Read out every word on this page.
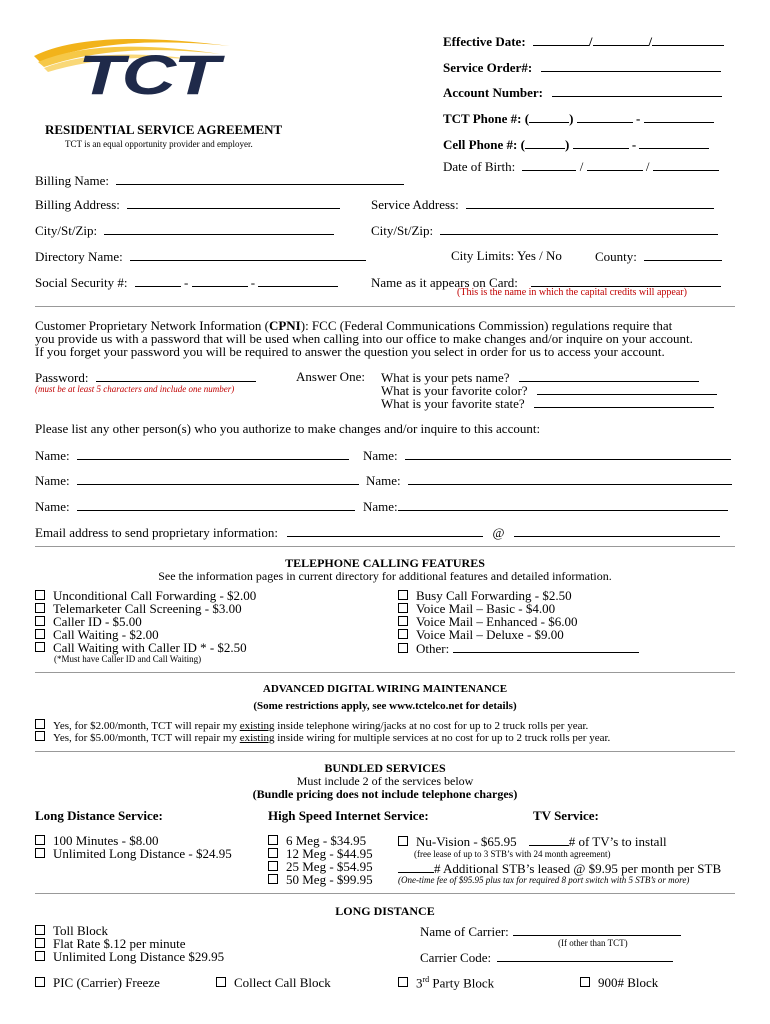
TCT
Effective Date:	/	/
Service Order#:
Account Number:
TCT Phone #: (	)	-
Cell Phone #: (	)	-
Date of Birth:	/	/
RESIDENTIAL SERVICE AGREEMENT
TCT is an equal opportunity provider and employer.
Billing Name:
Billing Address:	Service Address:
City/St/Zip:	City/St/Zip:
Directory Name:	City Limits: Yes / No	County:
Social Security #:	-	-	Name as it appears on Card:
(This is the name in which the capital credits will appear)
Customer Proprietary Network Information (CPNI): FCC (Federal Communications Commission) regulations require that
you provide us with a password that will be used when calling into our office to make changes and/or inquire on your account.
If you forget your password you will be required to answer the question you select in order for us to access your account.
Password:
(must be at least 5 characters and include one number)
Answer One: What is your pets name?
What is your favorite color?
What is your favorite state?
Please list any other person(s) who you authorize to make changes and/or inquire to this account:
Name:	Name:
Name:	Name:
Name:	Name:
Email address to send proprietary information:	@
TELEPHONE CALLING FEATURES
See the information pages in current directory for additional features and detailed information.
Unconditional Call Forwarding - $2.00
Telemarketer Call Screening - $3.00
Caller ID - $5.00
Call Waiting - $2.00
Call Waiting with Caller ID * - $2.50
(*Must have Caller ID and Call Waiting)
Busy Call Forwarding - $2.50
Voice Mail – Basic - $4.00
Voice Mail – Enhanced - $6.00
Voice Mail – Deluxe - $9.00
Other:
ADVANCED DIGITAL WIRING MAINTENANCE
(Some restrictions apply, see www.tctelco.net for details)
Yes, for $2.00/month, TCT will repair my existing inside telephone wiring/jacks at no cost for up to 2 truck rolls per year.
Yes, for $5.00/month, TCT will repair my existing inside wiring for multiple services at no cost for up to 2 truck rolls per year.
BUNDLED SERVICES
Must include 2 of the services below
(Bundle pricing does not include telephone charges)
Long Distance Service:	High Speed Internet Service:	TV Service:
100 Minutes - $8.00
Unlimited Long Distance - $24.95
6 Meg - $34.95
12 Meg - $44.95
25 Meg - $54.95
50 Meg - $99.95
Nu-Vision - $65.95	# of TV’s to install
(free lease of up to 3 STB’s with 24 month agreement)
# Additional STB’s leased @ $9.95 per month per STB
(One-time fee of $95.95 plus tax for required 8 port switch with 5 STB’s or more)
LONG DISTANCE
Toll Block
Flat Rate $.12 per minute
Unlimited Long Distance $29.95
Name of Carrier:
(If other than TCT)
Carrier Code:
PIC (Carrier) Freeze	Collect Call Block	3rd Party Block	900# Block
